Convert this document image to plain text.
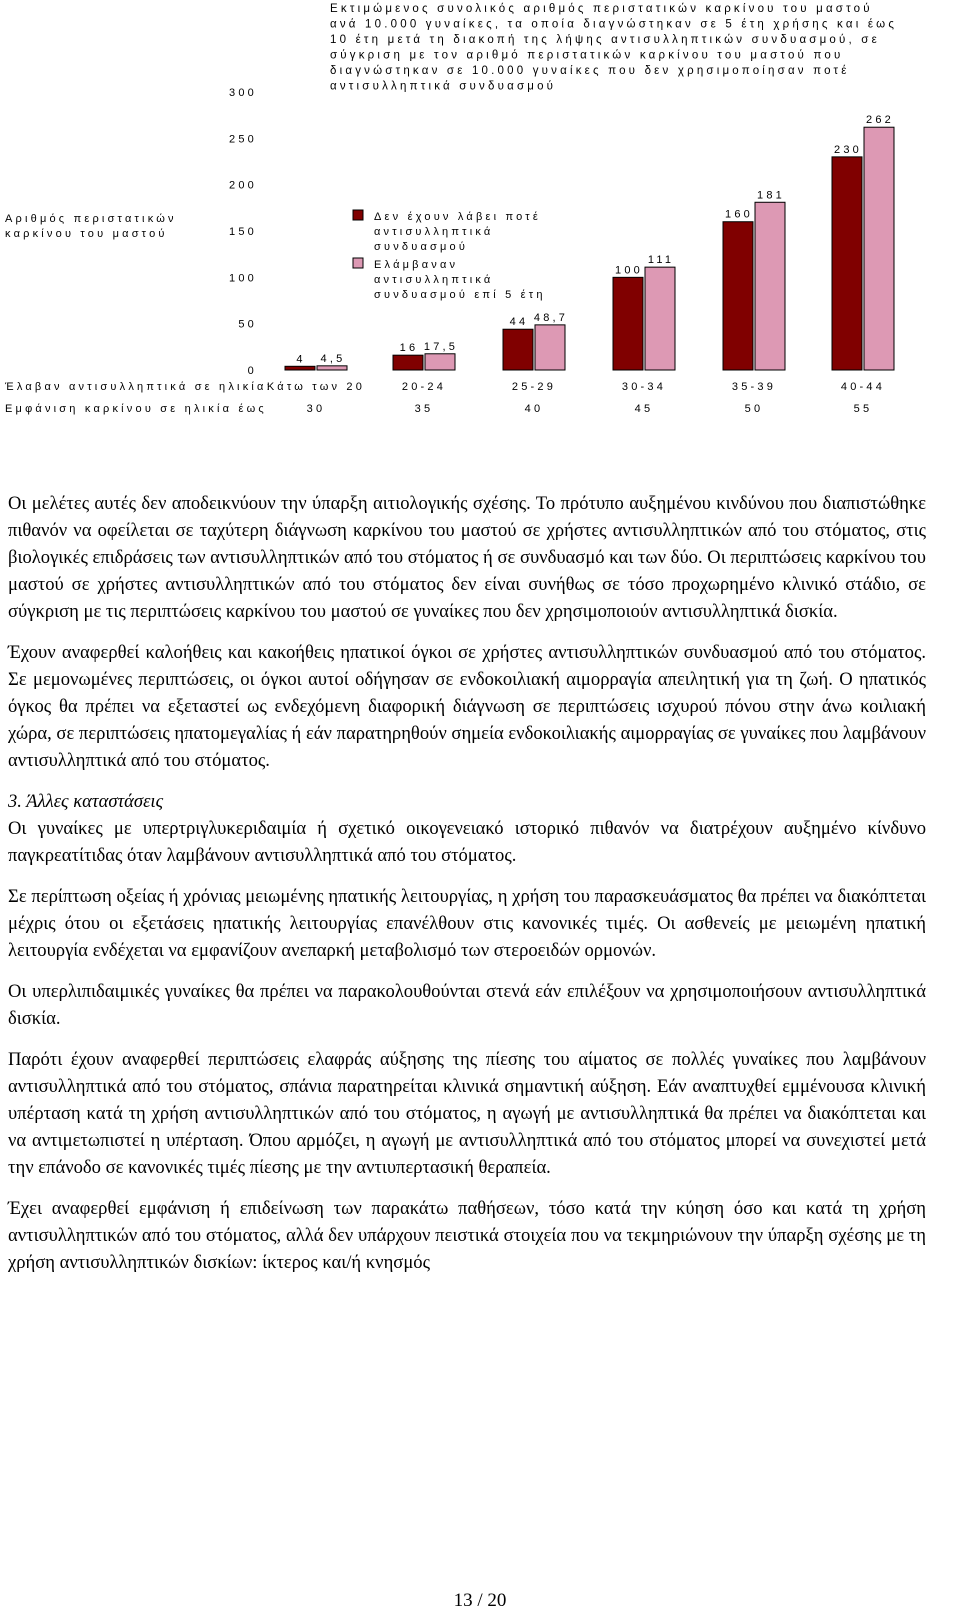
Εκτιμώμενος συνολικός αριθμός περιστατικών καρκίνου του μαστού
ανά 10.000 γυναίκες, τα οποία διαγνώστηκαν σε 5 έτη χρήσης και έως
10 έτη μετά τη διακοπή της λήψης αντισυλληπτικών συνδυασμού, σε
σύγκριση με τον αριθμό περιστατικών καρκίνου του μαστού που
διαγνώστηκαν σε 10.000 γυναίκες που δεν χρησιμοποίησαν ποτέ
αντισυλληπτικά συνδυασμού
Αριθμός περιστατικών
καρκίνου του μαστού
300
250
200
150
100
50
0
4
16
44
100
160
230
4,5
17,5
48,7
111
181
262
Δεν έχουν λάβει ποτέ
αντισυλληπτικά
συνδυασμού
Ελάμβαναν
αντισυλληπτικά
συνδυασμού επί 5 έτη
Έλαβαν αντισυλληπτικά σε ηλικία:
Εμφάνιση καρκίνου σε ηλικία έως
Κάτω των 20
30
20-24
35
25-29
40
30-34
45
35-39
50
40-44
55

Οι μελέτες αυτές δεν αποδεικνύουν την ύπαρξη αιτιολογικής σχέσης. Το πρότυπο αυξημένου κινδύνου που διαπιστώθηκε πιθανόν να οφείλεται σε ταχύτερη διάγνωση καρκίνου του μαστού σε χρήστες αντισυλληπτικών από του στόματος, στις βιολογικές επιδράσεις των αντισυλληπτικών από του στόματος ή σε συνδυασμό και των δύο. Οι περιπτώσεις καρκίνου του μαστού σε χρήστες αντισυλληπτικών από του στόματος δεν είναι συνήθως σε τόσο προχωρημένο κλινικό στάδιο, σε σύγκριση με τις περιπτώσεις καρκίνου του μαστού σε γυναίκες που δεν χρησιμοποιούν αντισυλληπτικά δισκία.

Έχουν αναφερθεί καλοήθεις και κακοήθεις ηπατικοί όγκοι σε χρήστες αντισυλληπτικών συνδυασμού από του στόματος. Σε μεμονωμένες περιπτώσεις, οι όγκοι αυτοί οδήγησαν σε ενδοκοιλιακή αιμορραγία απειλητική για τη ζωή. Ο ηπατικός όγκος θα πρέπει να εξεταστεί ως ενδεχόμενη διαφορική διάγνωση σε περιπτώσεις ισχυρού πόνου στην άνω κοιλιακή χώρα, σε περιπτώσεις ηπατομεγαλίας ή εάν παρατηρηθούν σημεία ενδοκοιλιακής αιμορραγίας σε γυναίκες που λαμβάνουν αντισυλληπτικά από του στόματος.

3. Άλλες καταστάσεις

Οι γυναίκες με υπερτριγλυκεριδαιμία ή σχετικό οικογενειακό ιστορικό πιθανόν να διατρέχουν αυξημένο κίνδυνο παγκρεατίτιδας όταν λαμβάνουν αντισυλληπτικά από του στόματος.

Σε περίπτωση οξείας ή χρόνιας μειωμένης ηπατικής λειτουργίας, η χρήση του παρασκευάσματος θα πρέπει να διακόπτεται μέχρις ότου οι εξετάσεις ηπατικής λειτουργίας επανέλθουν στις κανονικές τιμές. Οι ασθενείς με μειωμένη ηπατική λειτουργία ενδέχεται να εμφανίζουν ανεπαρκή μεταβολισμό των στεροειδών ορμονών.

Οι υπερλιπιδαιμικές γυναίκες θα πρέπει να παρακολουθούνται στενά εάν επιλέξουν να χρησιμοποιήσουν αντισυλληπτικά δισκία.

Παρότι έχουν αναφερθεί περιπτώσεις ελαφράς αύξησης της πίεσης του αίματος σε πολλές γυναίκες που λαμβάνουν αντισυλληπτικά από του στόματος, σπάνια παρατηρείται κλινικά σημαντική αύξηση. Εάν αναπτυχθεί εμμένουσα κλινική υπέρταση κατά τη χρήση αντισυλληπτικών από του στόματος, η αγωγή με αντισυλληπτικά θα πρέπει να διακόπτεται και να αντιμετωπιστεί η υπέρταση. Όπου αρμόζει, η αγωγή με αντισυλληπτικά από του στόματος μπορεί να συνεχιστεί μετά την επάνοδο σε κανονικές τιμές πίεσης με την αντιυπερτασική θεραπεία.

Έχει αναφερθεί εμφάνιση ή επιδείνωση των παρακάτω παθήσεων, τόσο κατά την κύηση όσο και κατά τη χρήση αντισυλληπτικών από του στόματος, αλλά δεν υπάρχουν πειστικά στοιχεία που να τεκμηριώνουν την ύπαρξη σχέσης με τη χρήση αντισυλληπτικών δισκίων: ίκτερος και/ή κνησμός

13 / 20
